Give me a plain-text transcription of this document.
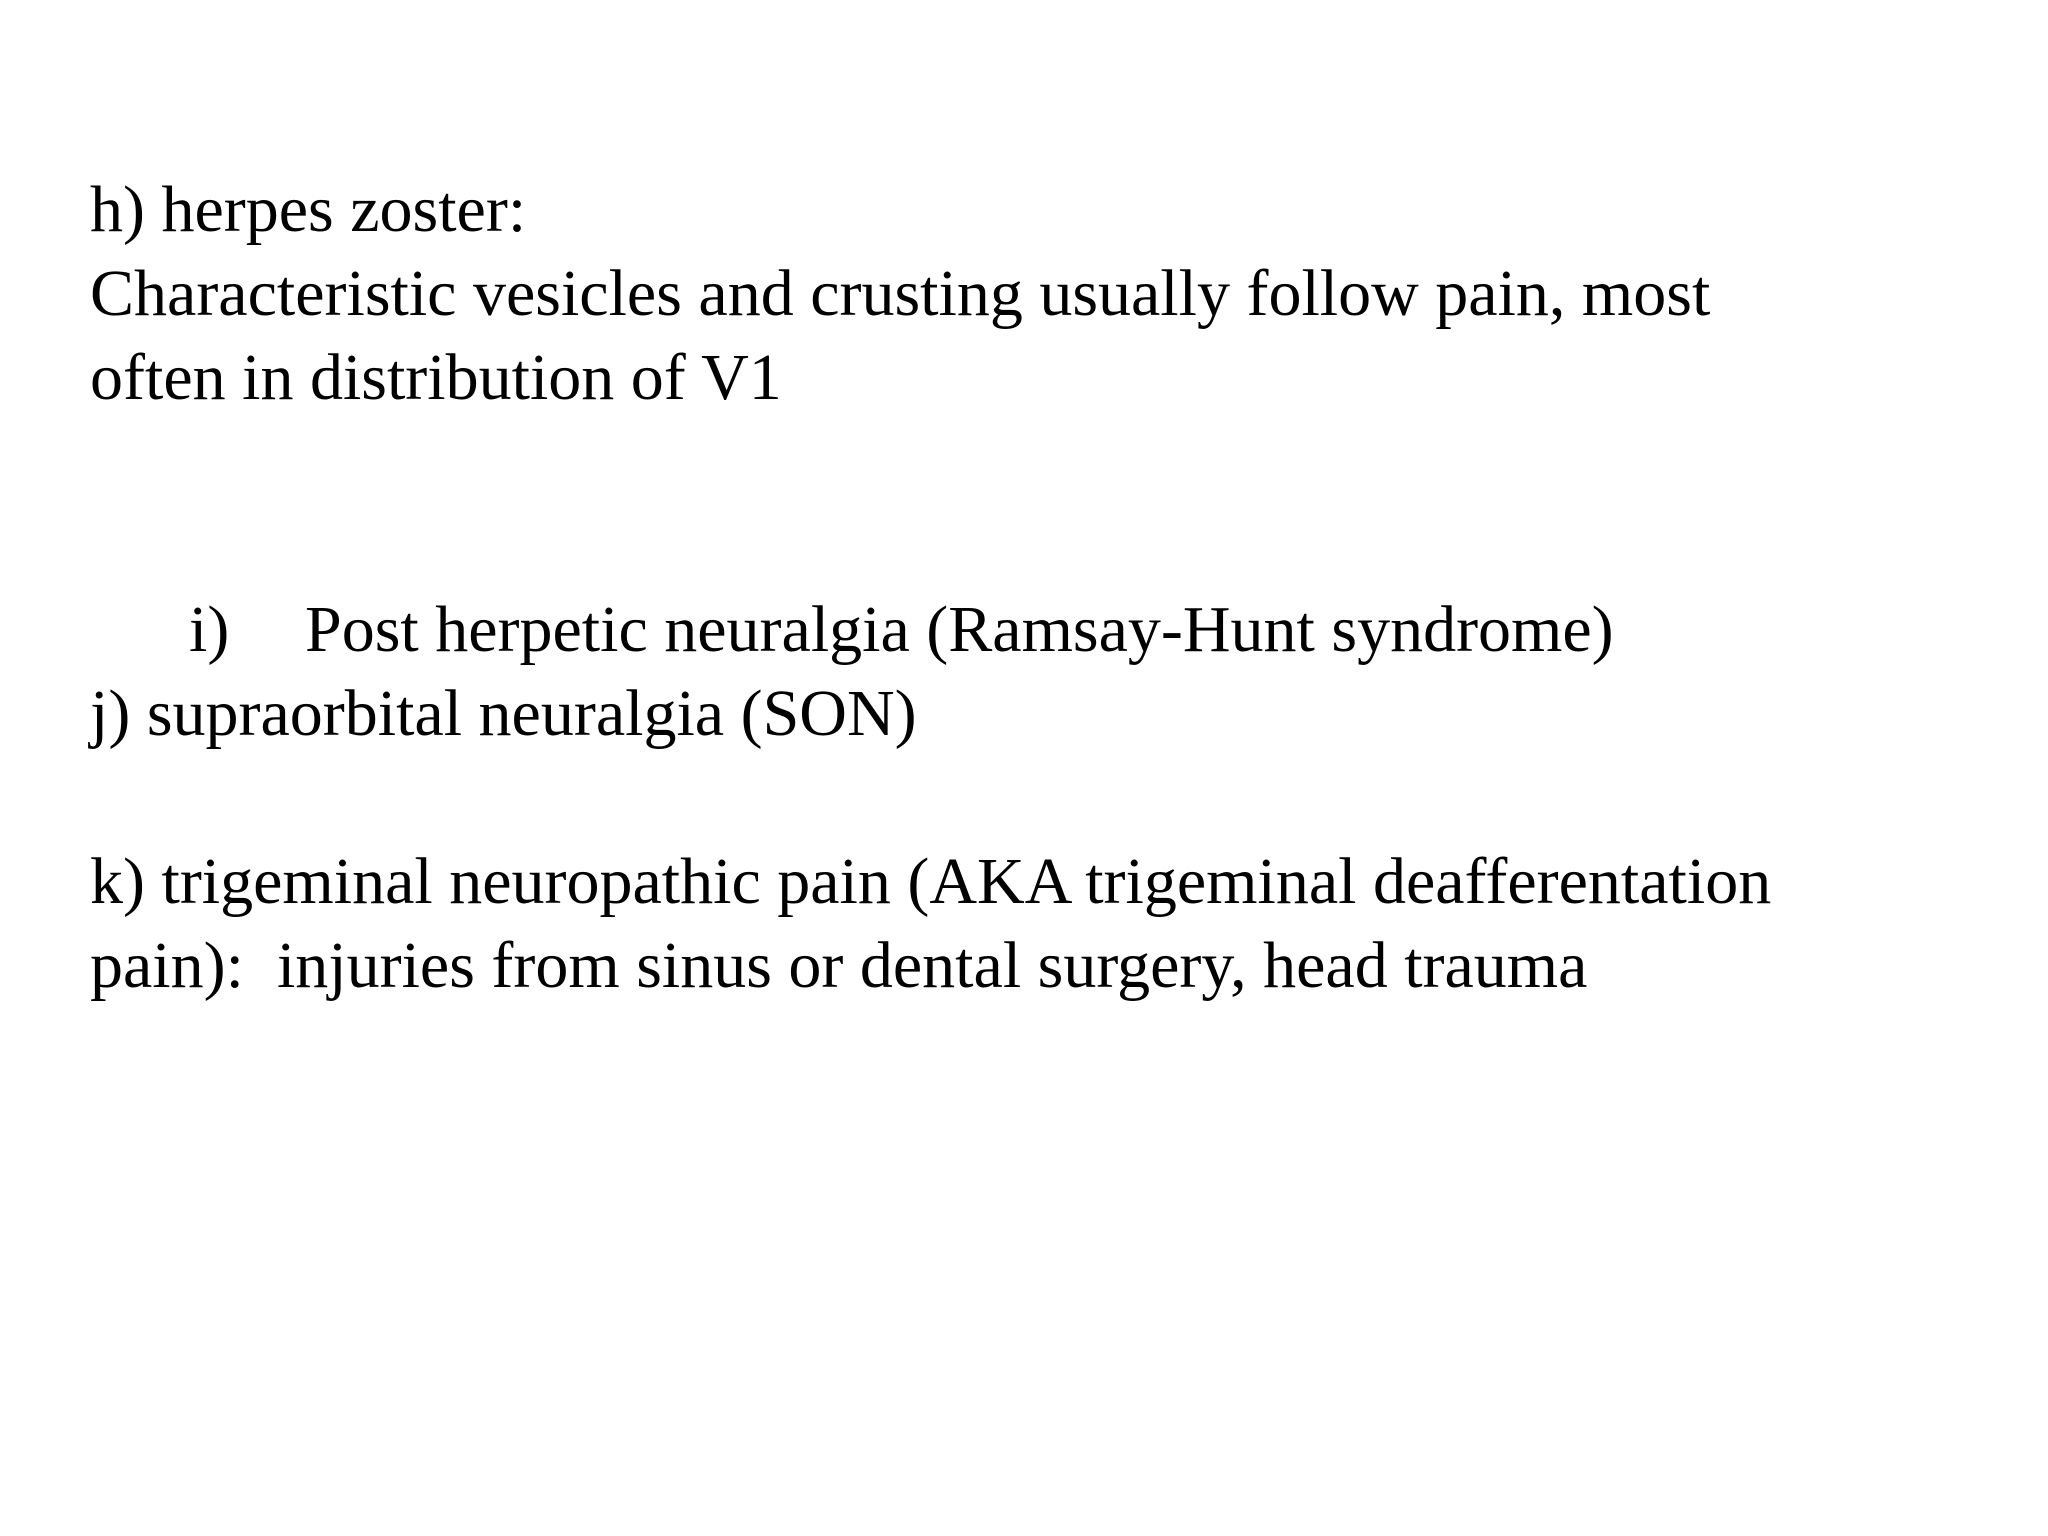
h) herpes zoster:
Characteristic vesicles and crusting usually follow pain, most
often in distribution of V1

i) Post herpetic neuralgia (Ramsay-Hunt syndrome)

j) supraorbital neuralgia (SON)
k) trigeminal neuropathic pain (AKA trigeminal deafferentation
pain):  injuries from sinus or dental surgery, head trauma
